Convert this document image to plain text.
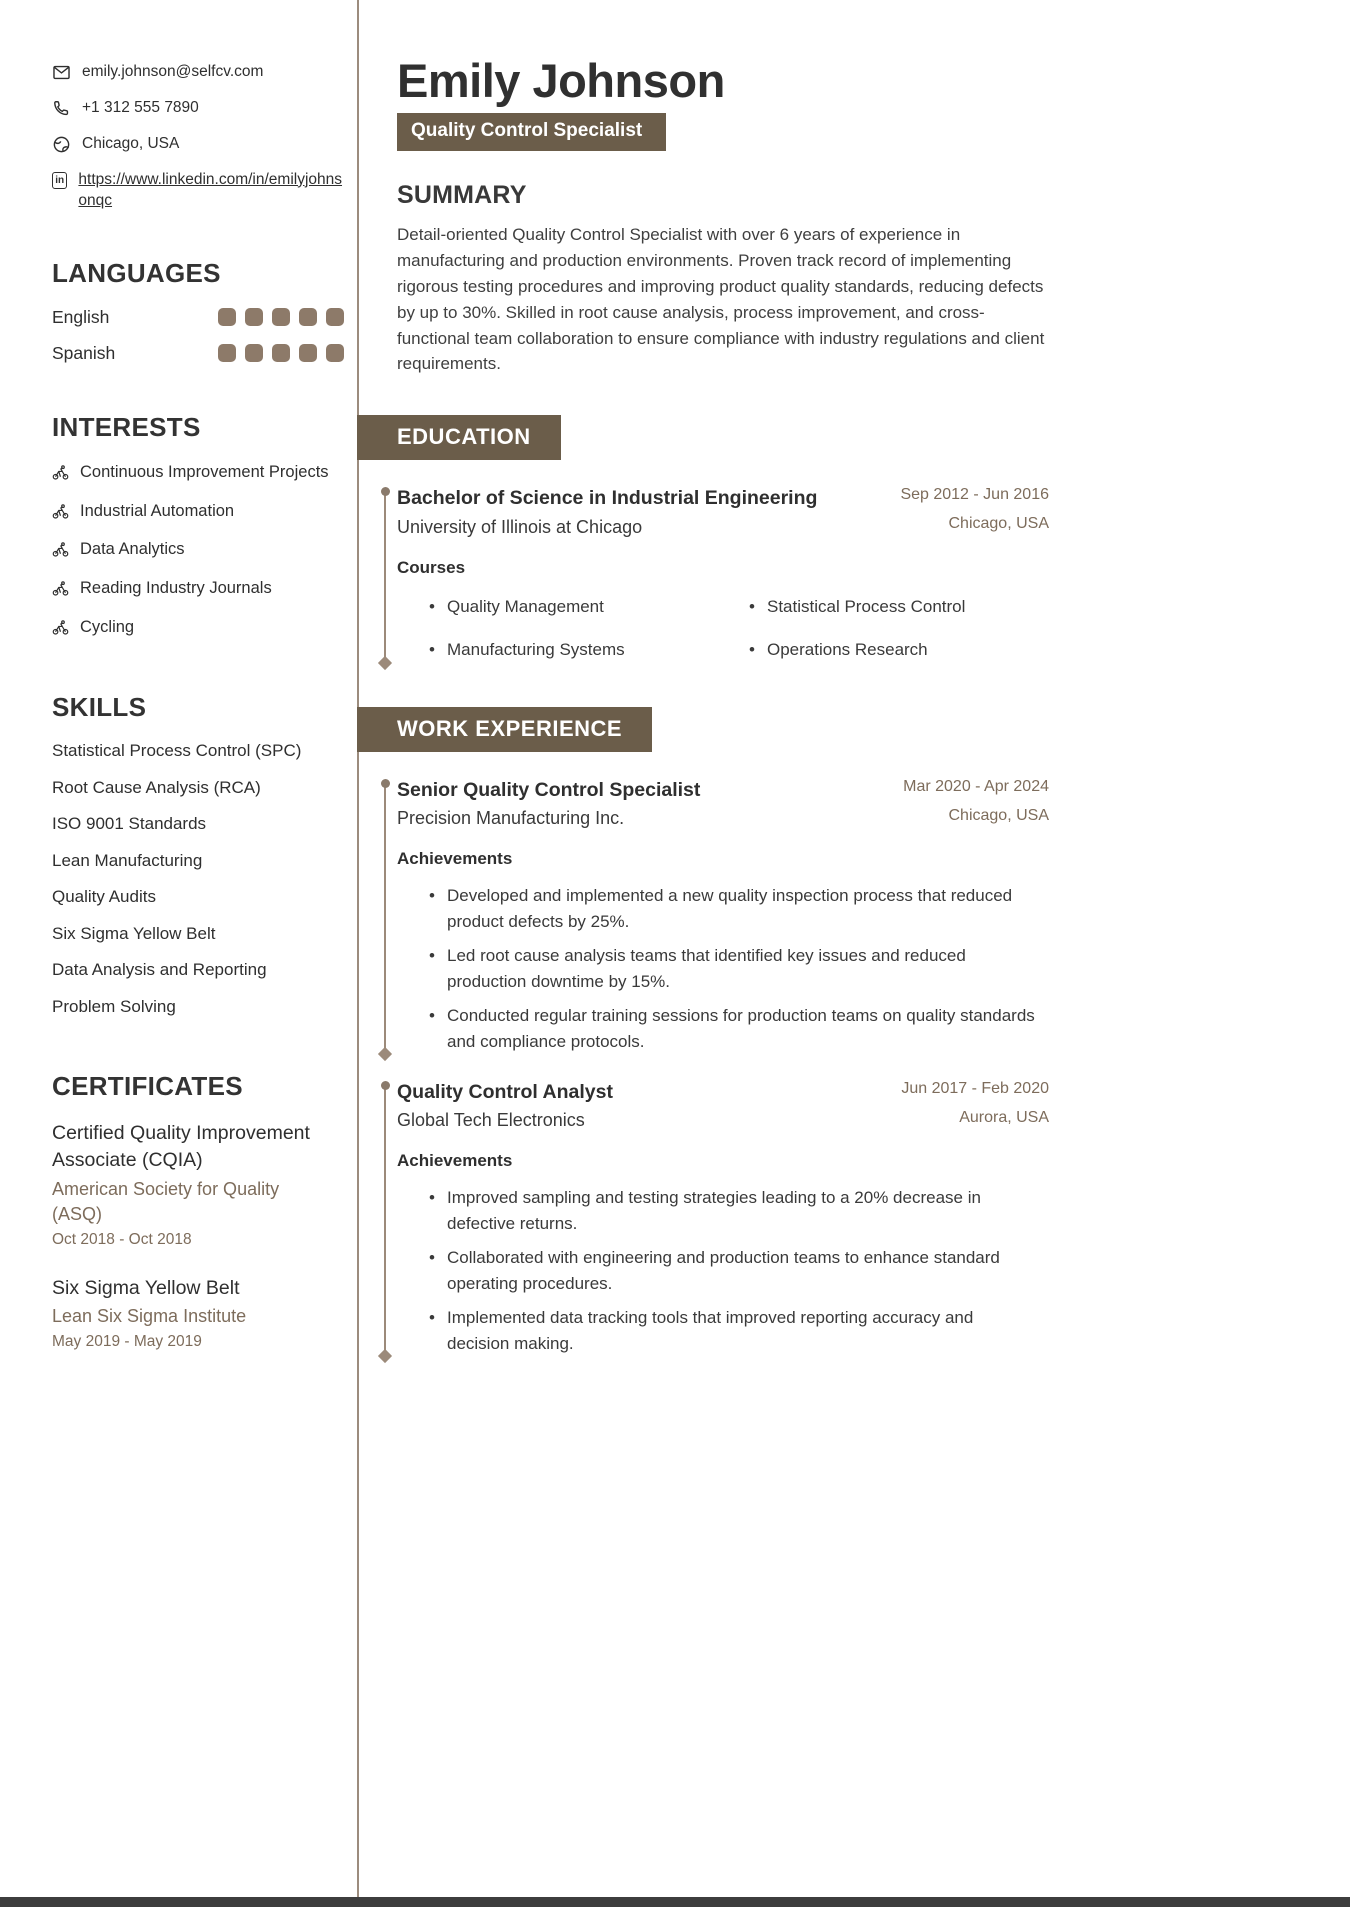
emily.johnson@selfcv.com
+1 312 555 7890
Chicago, USA
in https://www.linkedin.com/in/emilyjohnsonqc
LANGUAGES
English
Spanish
INTERESTS
Continuous Improvement Projects
Industrial Automation
Data Analytics
Reading Industry Journals
Cycling
SKILLS
Statistical Process Control (SPC)
Root Cause Analysis (RCA)
ISO 9001 Standards
Lean Manufacturing
Quality Audits
Six Sigma Yellow Belt
Data Analysis and Reporting
Problem Solving
CERTIFICATES
Certified Quality Improvement Associate (CQIA)
American Society for Quality (ASQ)
Oct 2018 - Oct 2018
Six Sigma Yellow Belt
Lean Six Sigma Institute
May 2019 - May 2019
Emily Johnson
Quality Control Specialist
SUMMARY
Detail-oriented Quality Control Specialist with over 6 years of experience in manufacturing and production environments. Proven track record of implementing rigorous testing procedures and improving product quality standards, reducing defects by up to 30%. Skilled in root cause analysis, process improvement, and cross-functional team collaboration to ensure compliance with industry regulations and client requirements.
EDUCATION
Bachelor of Science in Industrial Engineering
University of Illinois at Chicago
Sep 2012 - Jun 2016
Chicago, USA
Courses
• Quality Management	• Statistical Process Control
• Manufacturing Systems	• Operations Research
WORK EXPERIENCE
Senior Quality Control Specialist
Precision Manufacturing Inc.
Mar 2020 - Apr 2024
Chicago, USA
Achievements
• Developed and implemented a new quality inspection process that reduced product defects by 25%.
• Led root cause analysis teams that identified key issues and reduced production downtime by 15%.
• Conducted regular training sessions for production teams on quality standards and compliance protocols.
Quality Control Analyst
Global Tech Electronics
Jun 2017 - Feb 2020
Aurora, USA
Achievements
• Improved sampling and testing strategies leading to a 20% decrease in defective returns.
• Collaborated with engineering and production teams to enhance standard operating procedures.
• Implemented data tracking tools that improved reporting accuracy and decision making.
